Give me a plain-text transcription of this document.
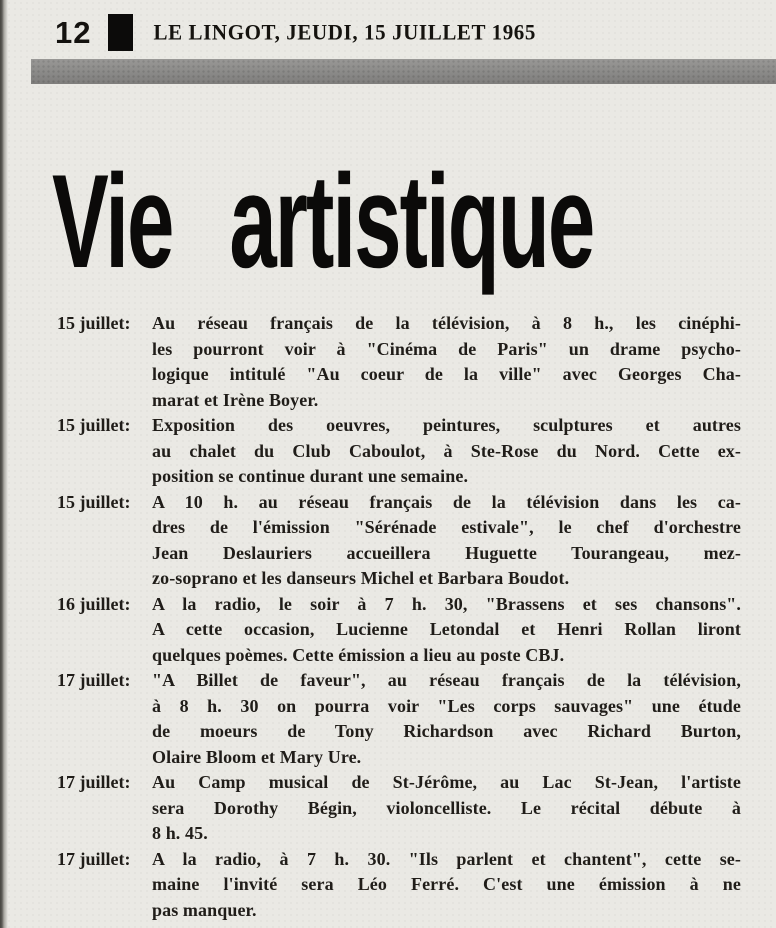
12	LE LINGOT, JEUDI, 15 JUILLET 1965
Vie artistique
15 juillet:	Au réseau français de la télévision, à 8 h., les cinéphi-
les pourront voir à "Cinéma de Paris" un drame psycho-
logique intitulé "Au coeur de la ville" avec Georges Cha-
marat et Irène Boyer.
15 juillet:	Exposition des oeuvres, peintures, sculptures et autres
au chalet du Club Caboulot, à Ste-Rose du Nord. Cette ex-
position se continue durant une semaine.
15 juillet:	A 10 h. au réseau français de la télévision dans les ca-
dres de l'émission "Sérénade estivale", le chef d'orchestre
Jean Deslauriers accueillera Huguette Tourangeau, mez-
zo-soprano et les danseurs Michel et Barbara Boudot.
16 juillet:	A la radio, le soir à 7 h. 30, "Brassens et ses chansons".
A cette occasion, Lucienne Letondal et Henri Rollan liront
quelques poèmes. Cette émission a lieu au poste CBJ.
17 juillet:	"A Billet de faveur", au réseau français de la télévision,
à 8 h. 30 on pourra voir "Les corps sauvages" une étude
de moeurs de Tony Richardson avec Richard Burton,
Olaire Bloom et Mary Ure.
17 juillet:	Au Camp musical de St-Jérôme, au Lac St-Jean, l'artiste
sera Dorothy Bégin, violoncelliste. Le récital débute à
8 h. 45.
17 juillet:	A la radio, à 7 h. 30. "Ils parlent et chantent", cette se-
maine l'invité sera Léo Ferré. C'est une émission à ne
pas manquer.
